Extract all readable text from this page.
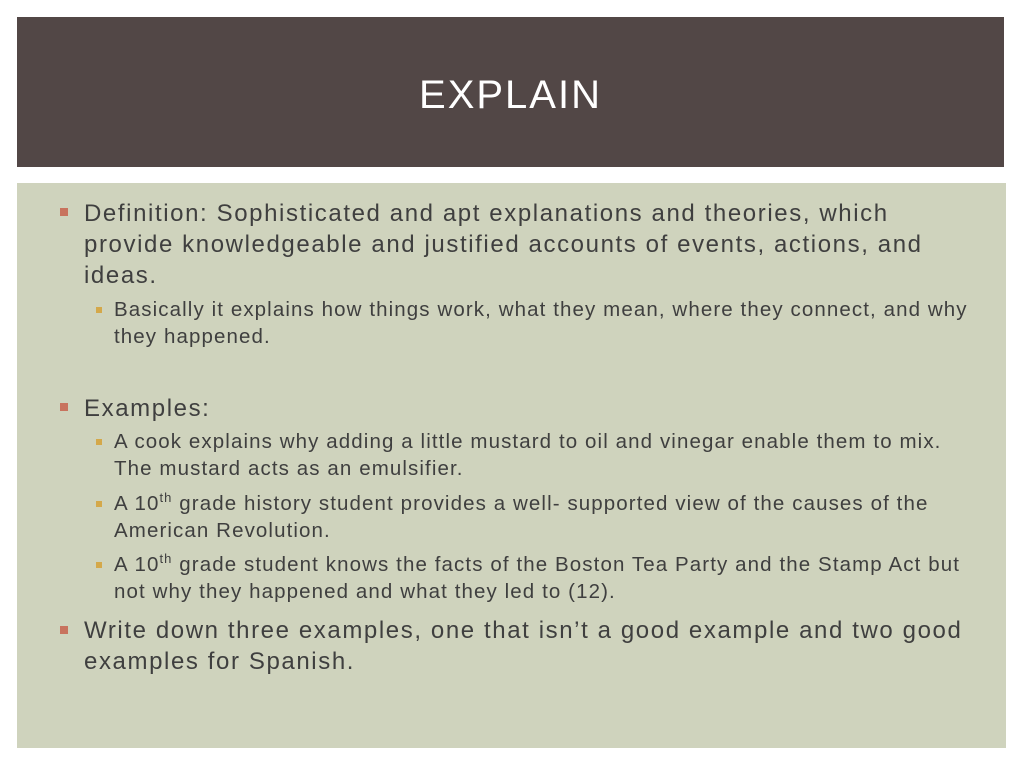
EXPLAIN
Definition: Sophisticated and apt explanations and theories, which provide knowledgeable and justified accounts of events, actions, and ideas.
Basically it explains how things work, what they mean, where they connect, and why they happened.
Examples:
A cook explains why adding a little mustard to oil and vinegar enable them to mix. The mustard acts as an emulsifier.
A 10th grade history student provides a well- supported view of the causes of the American Revolution.
A 10th grade student knows the facts of the Boston Tea Party and the Stamp Act but not why they happened and what they led to (12).
Write down three examples, one that isn’t a good example and two good examples for Spanish.
